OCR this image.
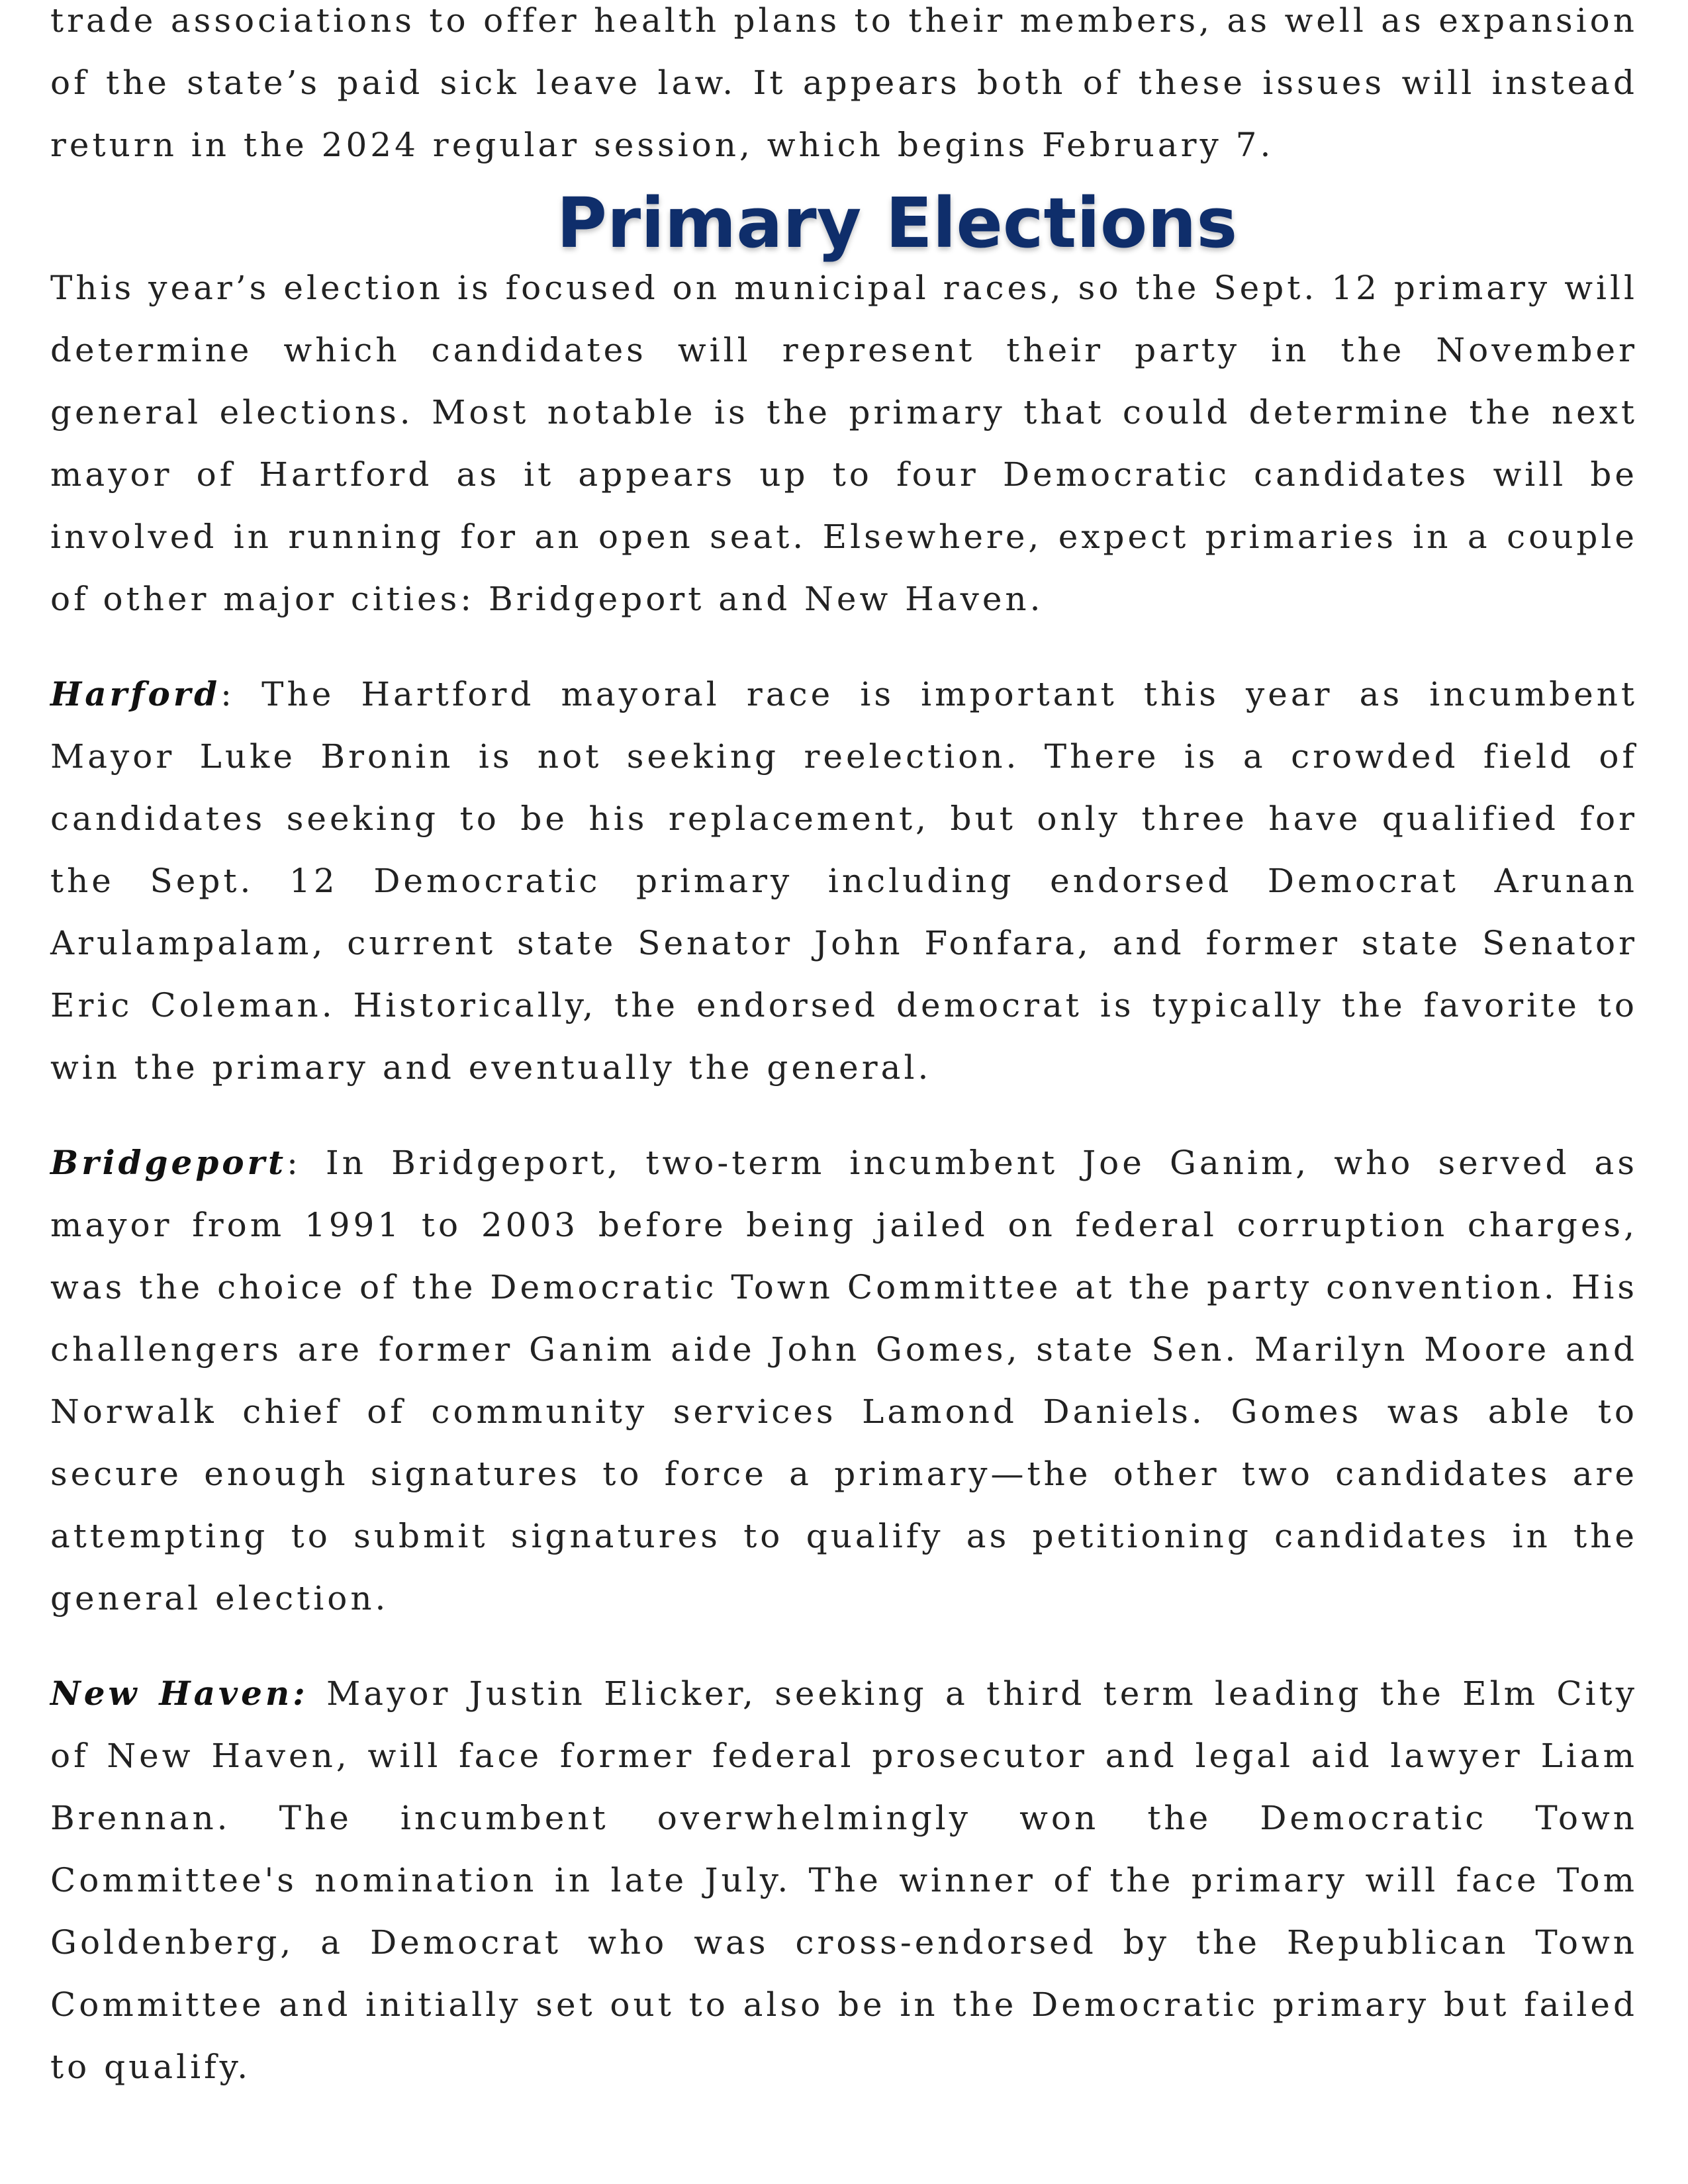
trade associations to offer health plans to their members, as well as expansion of the state’s paid sick leave law. It appears both of these issues will instead return in the 2024 regular session, which begins February 7.

Primary Elections

This year’s election is focused on municipal races, so the Sept. 12 primary will determine which candidates will represent their party in the November general elections. Most notable is the primary that could determine the next mayor of Hartford as it appears up to four Democratic candidates will be involved in running for an open seat. Elsewhere, expect primaries in a couple of other major cities: Bridgeport and New Haven.

Harford: The Hartford mayoral race is important this year as incumbent Mayor Luke Bronin is not seeking reelection. There is a crowded field of candidates seeking to be his replacement, but only three have qualified for the Sept. 12 Democratic primary including endorsed Democrat Arunan Arulampalam, current state Senator John Fonfara, and former state Senator Eric Coleman. Historically, the endorsed democrat is typically the favorite to win the primary and eventually the general.

Bridgeport: In Bridgeport, two-term incumbent Joe Ganim, who served as mayor from 1991 to 2003 before being jailed on federal corruption charges, was the choice of the Democratic Town Committee at the party convention. His challengers are former Ganim aide John Gomes, state Sen. Marilyn Moore and Norwalk chief of community services Lamond Daniels. Gomes was able to secure enough signatures to force a primary—the other two candidates are attempting to submit signatures to qualify as petitioning candidates in the general election.

New Haven: Mayor Justin Elicker, seeking a third term leading the Elm City of New Haven, will face former federal prosecutor and legal aid lawyer Liam Brennan. The incumbent overwhelmingly won the Democratic Town Committee's nomination in late July. The winner of the primary will face Tom Goldenberg, a Democrat who was cross-endorsed by the Republican Town Committee and initially set out to also be in the Democratic primary but failed to qualify.
